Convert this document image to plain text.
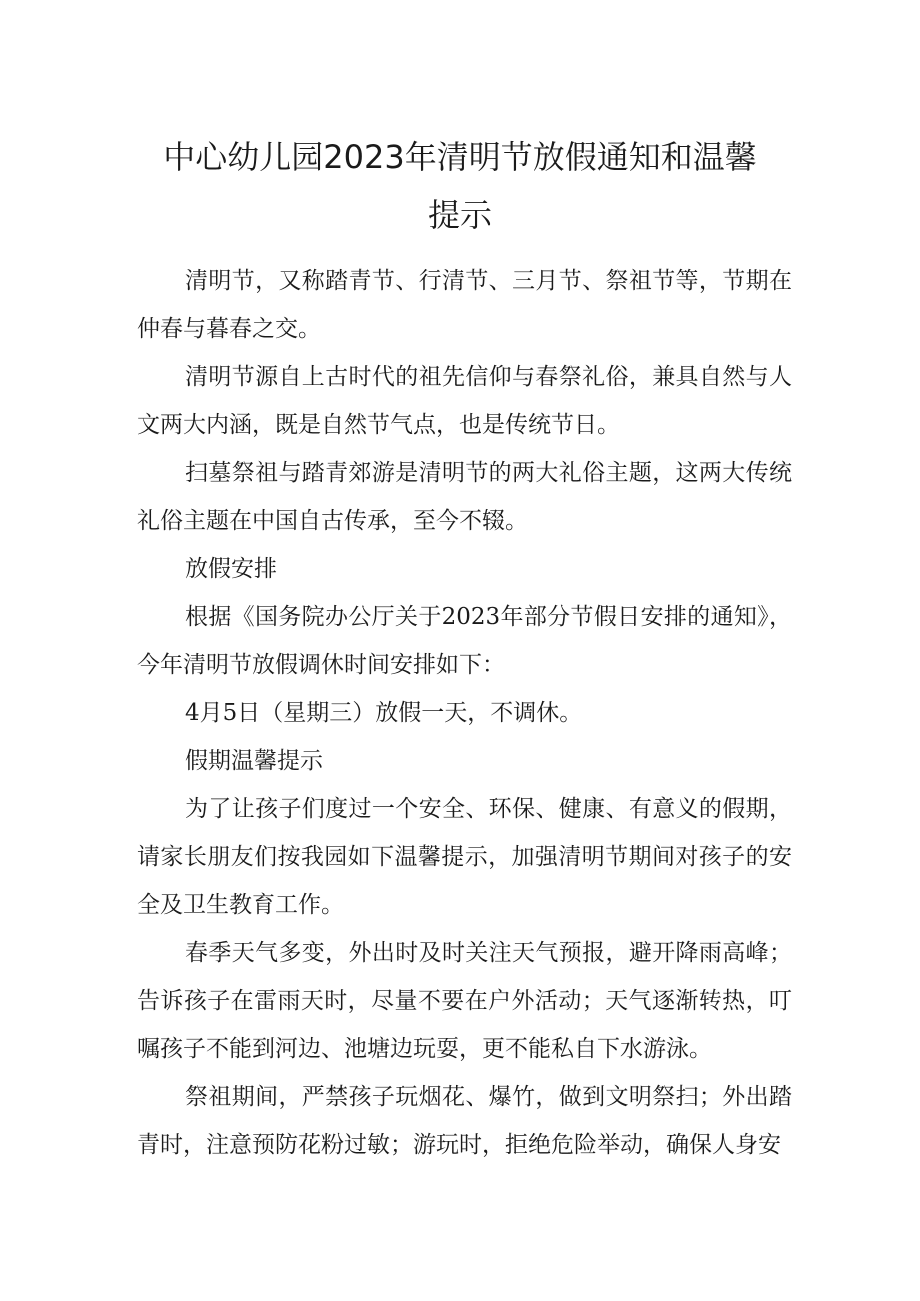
中心幼儿园2023年清明节放假通知和温馨
提示

清明节，又称踏青节、行清节、三月节、祭祖节等，节期在仲春与暮春之交。

清明节源自上古时代的祖先信仰与春祭礼俗，兼具自然与人文两大内涵，既是自然节气点，也是传统节日。

扫墓祭祖与踏青郊游是清明节的两大礼俗主题，这两大传统礼俗主题在中国自古传承，至今不辍。

放假安排

根据《国务院办公厅关于2023年部分节假日安排的通知》，今年清明节放假调休时间安排如下：

4月5日（星期三）放假一天，不调休。

假期温馨提示

为了让孩子们度过一个安全、环保、健康、有意义的假期，请家长朋友们按我园如下温馨提示，加强清明节期间对孩子的安全及卫生教育工作。

春季天气多变，外出时及时关注天气预报，避开降雨高峰；告诉孩子在雷雨天时，尽量不要在户外活动；天气逐渐转热，叮嘱孩子不能到河边、池塘边玩耍，更不能私自下水游泳。

祭祖期间，严禁孩子玩烟花、爆竹，做到文明祭扫；外出踏青时，注意预防花粉过敏；游玩时，拒绝危险举动，确保人身安
